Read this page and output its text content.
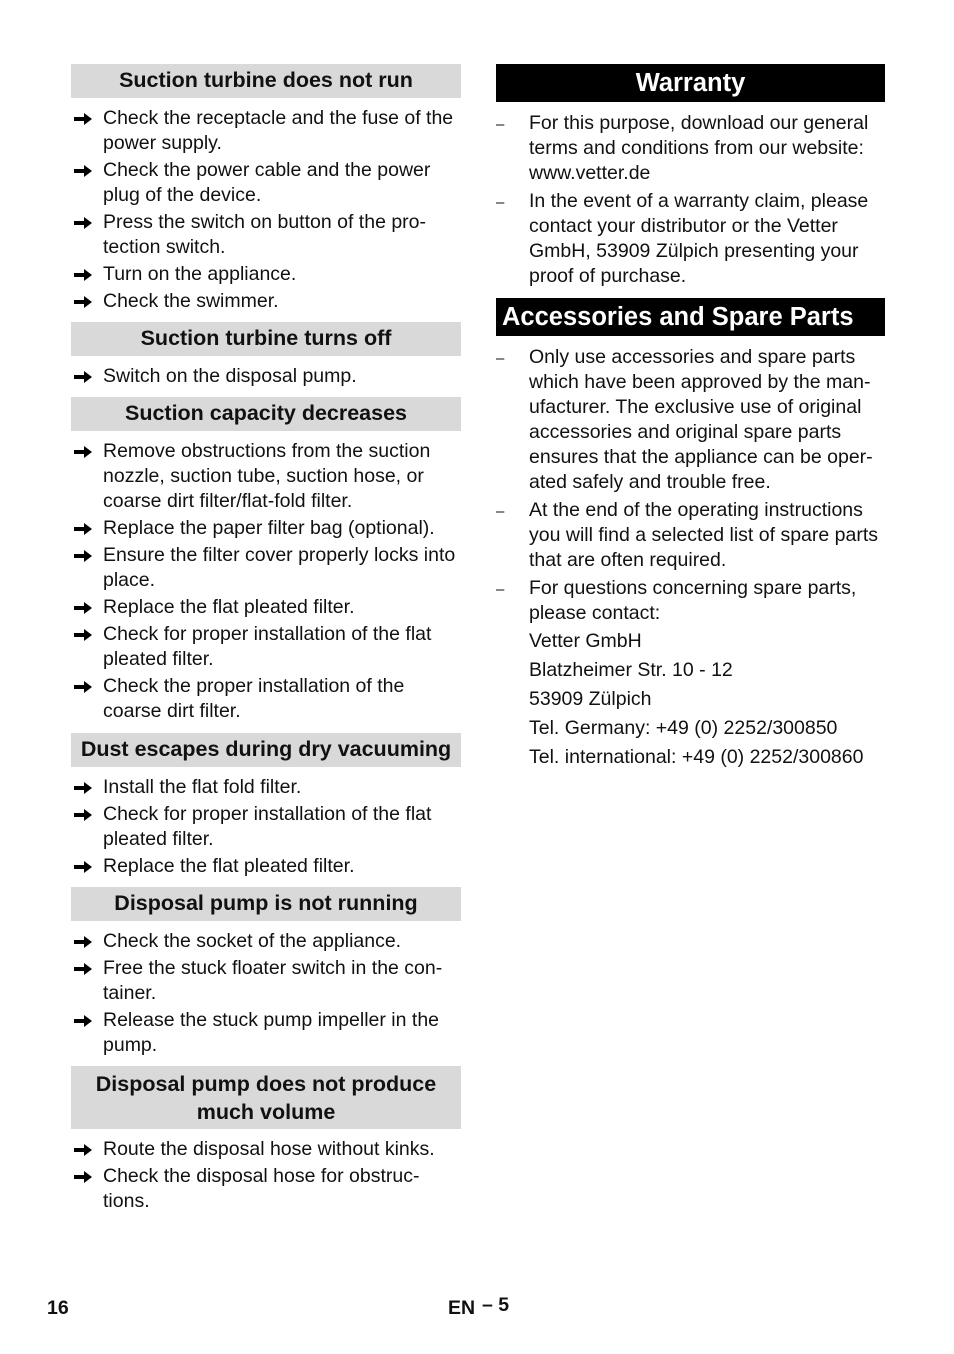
Suction turbine does not run
Check the receptacle and the fuse of the power supply.
Check the power cable and the power plug of the device.
Press the switch on button of the pro-tection switch.
Turn on the appliance.
Check the swimmer.
Suction turbine turns off
Switch on the disposal pump.
Suction capacity decreases
Remove obstructions from the suction nozzle, suction tube, suction hose, or coarse dirt filter/flat-fold filter.
Replace the paper filter bag (optional).
Ensure the filter cover properly locks into place.
Replace the flat pleated filter.
Check for proper installation of the flat pleated filter.
Check the proper installation of the coarse dirt filter.
Dust escapes during dry vacuuming
Install the flat fold filter.
Check for proper installation of the flat pleated filter.
Replace the flat pleated filter.
Disposal pump is not running
Check the socket of the appliance.
Free the stuck floater switch in the con-tainer.
Release the stuck pump impeller in the pump.
Disposal pump does not produce much volume
Route the disposal hose without kinks.
Check the disposal hose for obstruc-tions.
Warranty
– For this purpose, download our general terms and conditions from our website: www.vetter.de
– In the event of a warranty claim, please contact your distributor or the Vetter GmbH, 53909 Zülpich presenting your proof of purchase.
Accessories and Spare Parts
– Only use accessories and spare parts which have been approved by the man-ufacturer. The exclusive use of original accessories and original spare parts ensures that the appliance can be oper-ated safely and trouble free.
– At the end of the operating instructions you will find a selected list of spare parts that are often required.
– For questions concerning spare parts, please contact:
Vetter GmbH
Blatzheimer Str. 10 - 12
53909 Zülpich
Tel. Germany: +49 (0) 2252/300850
Tel. international: +49 (0) 2252/300860
16	EN – 5
